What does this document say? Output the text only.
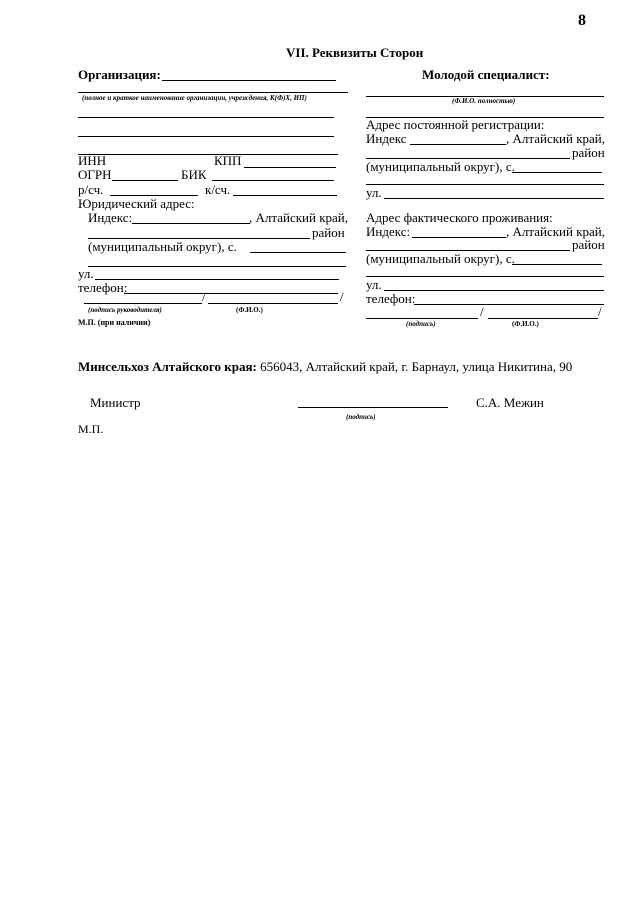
8
VII. Реквизиты Сторон
Организация:
(полное и краткое наименование организации, учреждения, К(Ф)Х, ИП)
ИНН	КПП
ОГРН	БИК
р/сч.	к/сч.
Юридический адрес:
Индекс:	, Алтайский край,
район
(муниципальный округ), с.
ул.
телефон:
/	/
(подпись руководителя)	(Ф.И.О.)
М.П. (при наличии)
Молодой специалист:
(Ф.И.О. полностью)
Адрес постоянной регистрации:
Индекс	, Алтайский край,
район
(муниципальный округ), с.
ул.
Адрес фактического проживания:
Индекс:	, Алтайский край,
район
(муниципальный округ), с.
ул.
телефон:
/	/
(подпись)	(Ф.И.О.)
Минсельхоз Алтайского края: 656043, Алтайский край, г. Барнаул, улица Никитина, 90
Министр
(подпись)
С.А. Межин
М.П.
